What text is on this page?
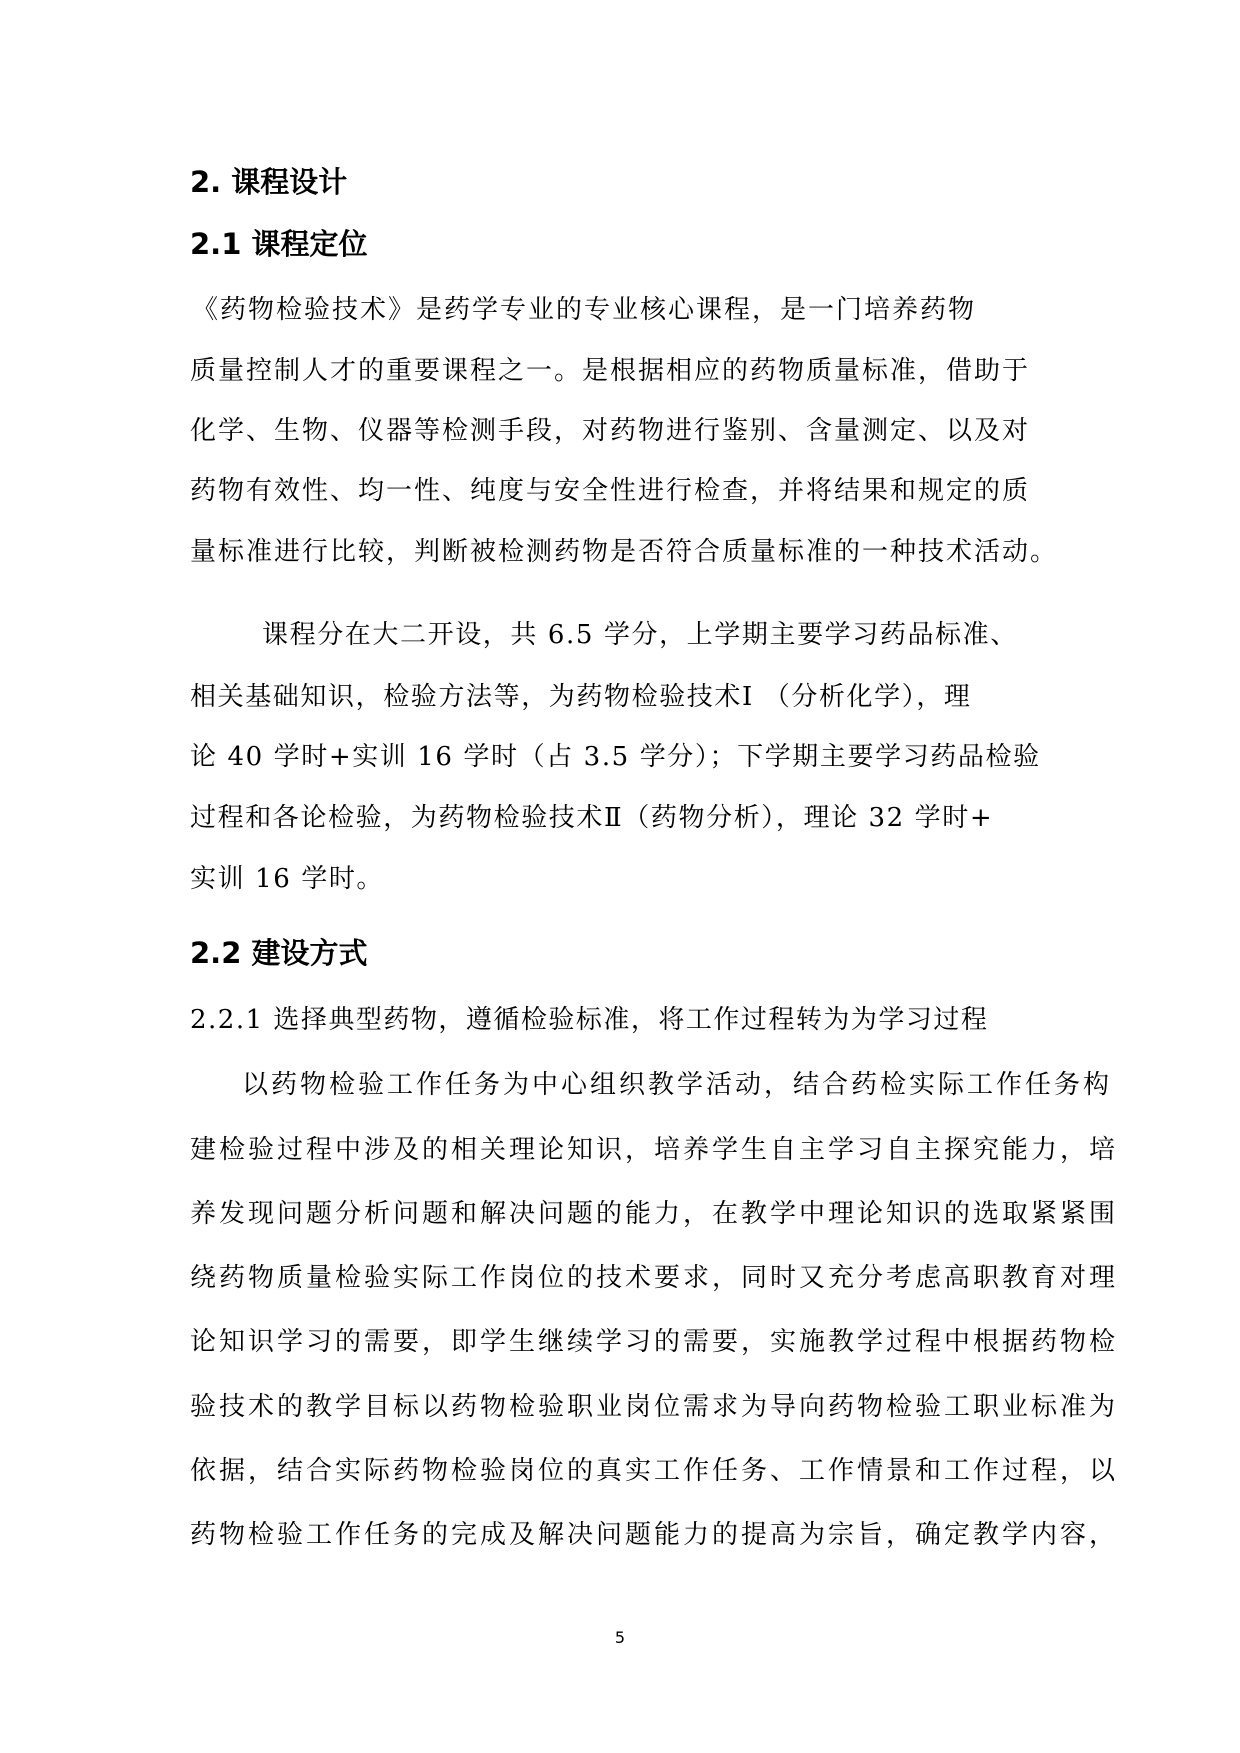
2. 课程设计
2.1 课程定位

《药物检验技术》是药学专业的专业核心课程，是一门培养药物

质量控制人才的重要课程之一。是根据相应的药物质量标准，借助于

化学、生物、仪器等检测手段，对药物进行鉴别、含量测定、以及对

药物有效性、均一性、纯度与安全性进行检查，并将结果和规定的质

量标准进行比较，判断被检测药物是否符合质量标准的一种技术活动。

课程分在大二开设，共 6.5 学分，上学期主要学习药品标准、

相关基础知识，检验方法等，为药物检验技术Ⅰ （分析化学），理

论 40 学时+实训 16 学时（占 3.5 学分）；下学期主要学习药品检验

过程和各论检验，为药物检验技术Ⅱ（药物分析），理论 32 学时+

实训 16 学时。

2.2 建设方式

2.2.1 选择典型药物，遵循检验标准，将工作过程转为为学习过程

以药物检验工作任务为中心组织教学活动，结合药检实际工作任务构

建检验过程中涉及的相关理论知识，培养学生自主学习自主探究能力，培

养发现问题分析问题和解决问题的能力，在教学中理论知识的选取紧紧围

绕药物质量检验实际工作岗位的技术要求，同时又充分考虑高职教育对理

论知识学习的需要，即学生继续学习的需要，实施教学过程中根据药物检

验技术的教学目标以药物检验职业岗位需求为导向药物检验工职业标准为

依据，结合实际药物检验岗位的真实工作任务、工作情景和工作过程，以

药物检验工作任务的完成及解决问题能力的提高为宗旨，确定教学内容，

5
